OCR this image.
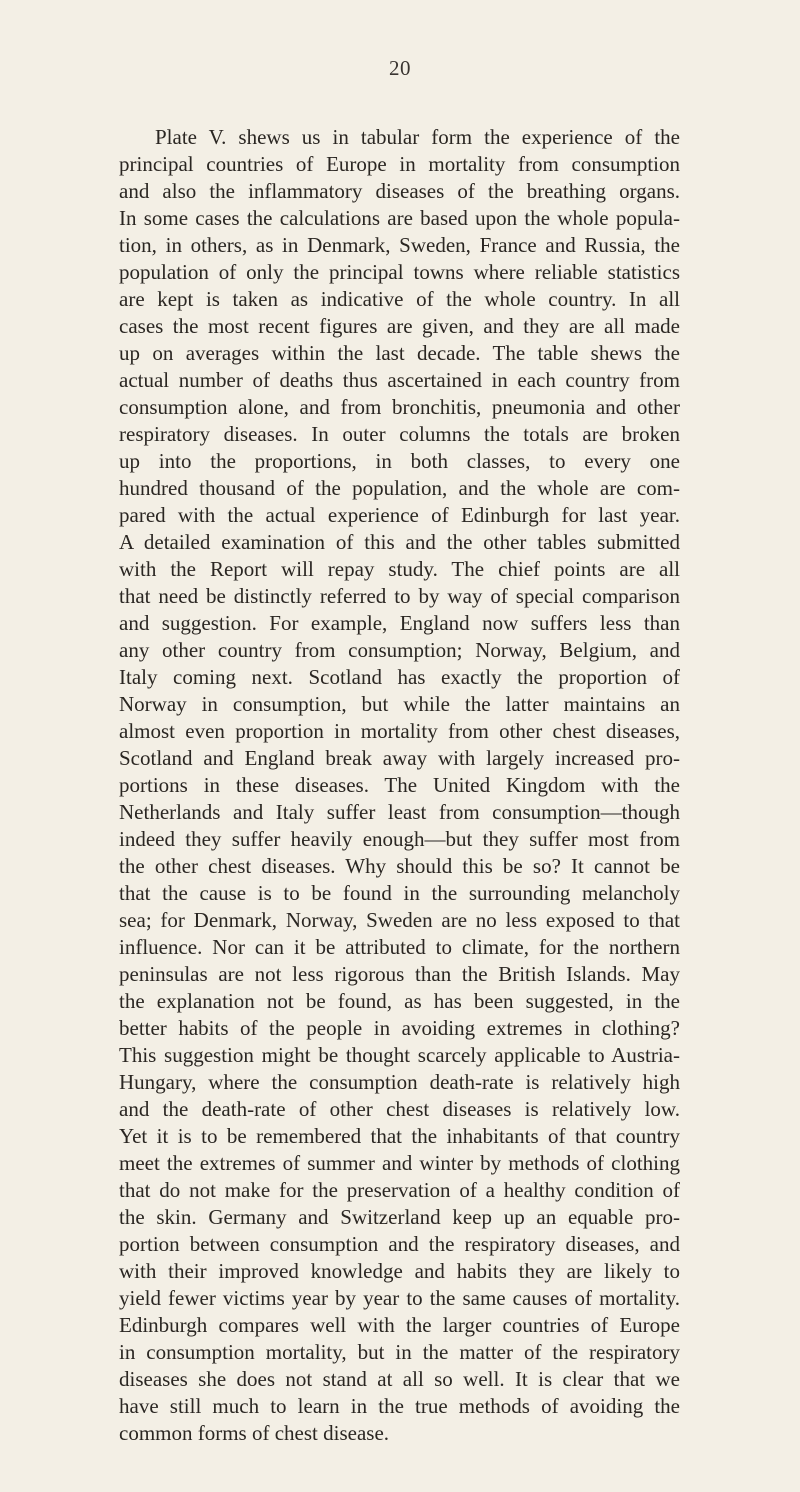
20
Plate V. shews us in tabular form the experience of the
principal countries of Europe in mortality from consumption
and also the inflammatory diseases of the breathing organs.
In some cases the calculations are based upon the whole popula-
tion, in others, as in Denmark, Sweden, France and Russia, the
population of only the principal towns where reliable statistics
are kept is taken as indicative of the whole country. In all
cases the most recent figures are given, and they are all made
up on averages within the last decade. The table shews the
actual number of deaths thus ascertained in each country from
consumption alone, and from bronchitis, pneumonia and other
respiratory diseases. In outer columns the totals are broken
up into the proportions, in both classes, to every one
hundred thousand of the population, and the whole are com-
pared with the actual experience of Edinburgh for last year.
A detailed examination of this and the other tables submitted
with the Report will repay study. The chief points are all
that need be distinctly referred to by way of special comparison
and suggestion. For example, England now suffers less than
any other country from consumption; Norway, Belgium, and
Italy coming next. Scotland has exactly the proportion of
Norway in consumption, but while the latter maintains an
almost even proportion in mortality from other chest diseases,
Scotland and England break away with largely increased pro-
portions in these diseases. The United Kingdom with the
Netherlands and Italy suffer least from consumption—though
indeed they suffer heavily enough—but they suffer most from
the other chest diseases. Why should this be so? It cannot be
that the cause is to be found in the surrounding melancholy
sea; for Denmark, Norway, Sweden are no less exposed to that
influence. Nor can it be attributed to climate, for the northern
peninsulas are not less rigorous than the British Islands. May
the explanation not be found, as has been suggested, in the
better habits of the people in avoiding extremes in clothing?
This suggestion might be thought scarcely applicable to Austria-
Hungary, where the consumption death-rate is relatively high
and the death-rate of other chest diseases is relatively low.
Yet it is to be remembered that the inhabitants of that country
meet the extremes of summer and winter by methods of clothing
that do not make for the preservation of a healthy condition of
the skin. Germany and Switzerland keep up an equable pro-
portion between consumption and the respiratory diseases, and
with their improved knowledge and habits they are likely to
yield fewer victims year by year to the same causes of mortality.
Edinburgh compares well with the larger countries of Europe
in consumption mortality, but in the matter of the respiratory
diseases she does not stand at all so well. It is clear that we
have still much to learn in the true methods of avoiding the
common forms of chest disease.
